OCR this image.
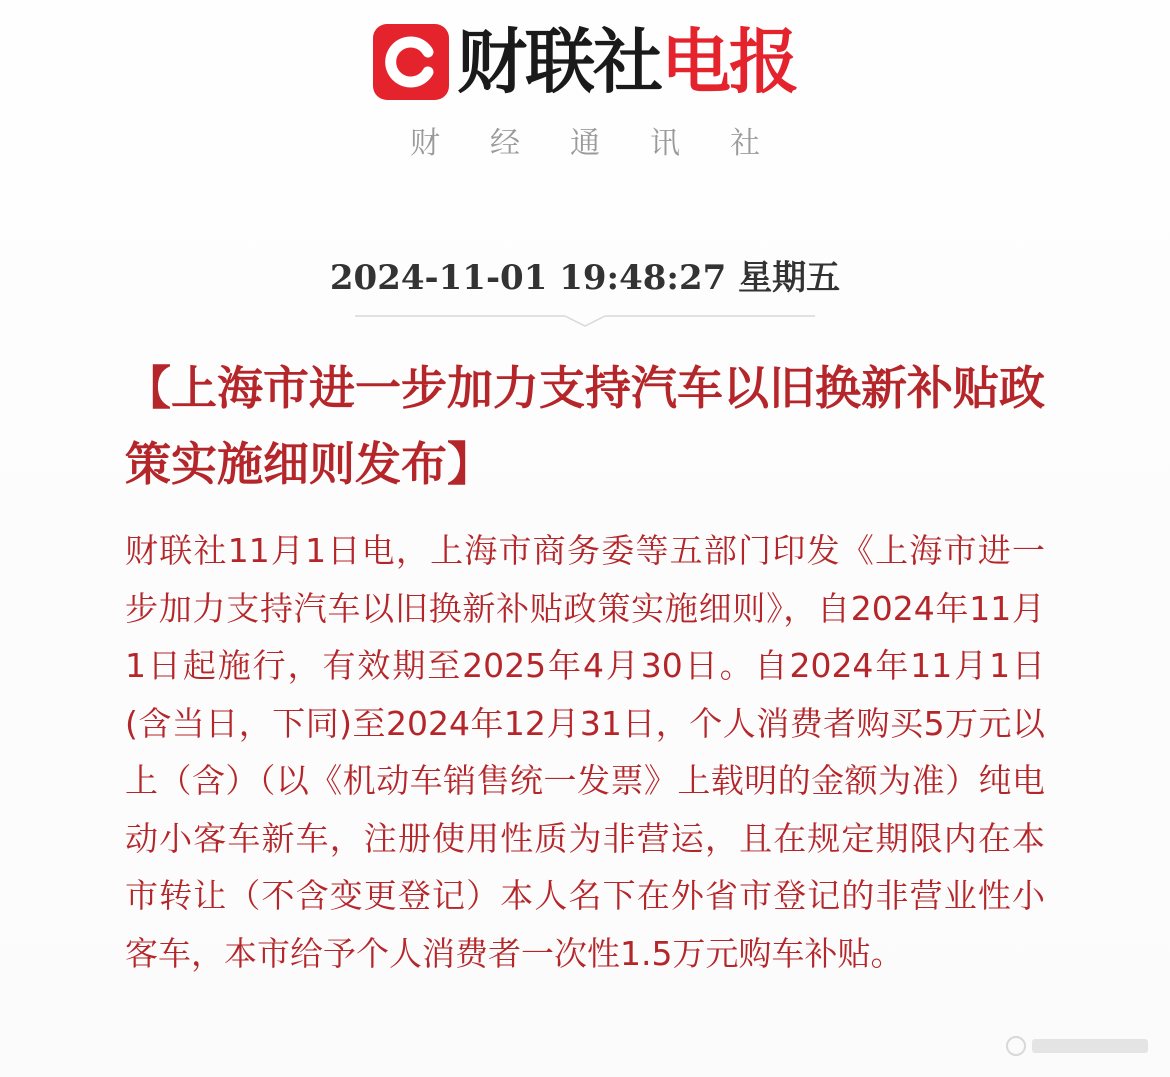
财联社 电报
财经通讯社
2024-11-01 19:48:27 星期五
【上海市进一步加力支持汽车以旧换新补贴政策实施细则发布】

财联社11月1日电，上海市商务委等五部门印发《上海市进一步加力支持汽车以旧换新补贴政策实施细则》，自2024年11月1日起施行，有效期至2025年4月30日。自2024年11月1日(含当日，下同)至2024年12月31日，个人消费者购买5万元以上（含）（以《机动车销售统一发票》上载明的金额为准）纯电动小客车新车，注册使用性质为非营运，且在规定期限内在本市转让（不含变更登记）本人名下在外省市登记的非营业性小客车，本市给予个人消费者一次性1.5万元购车补贴。
